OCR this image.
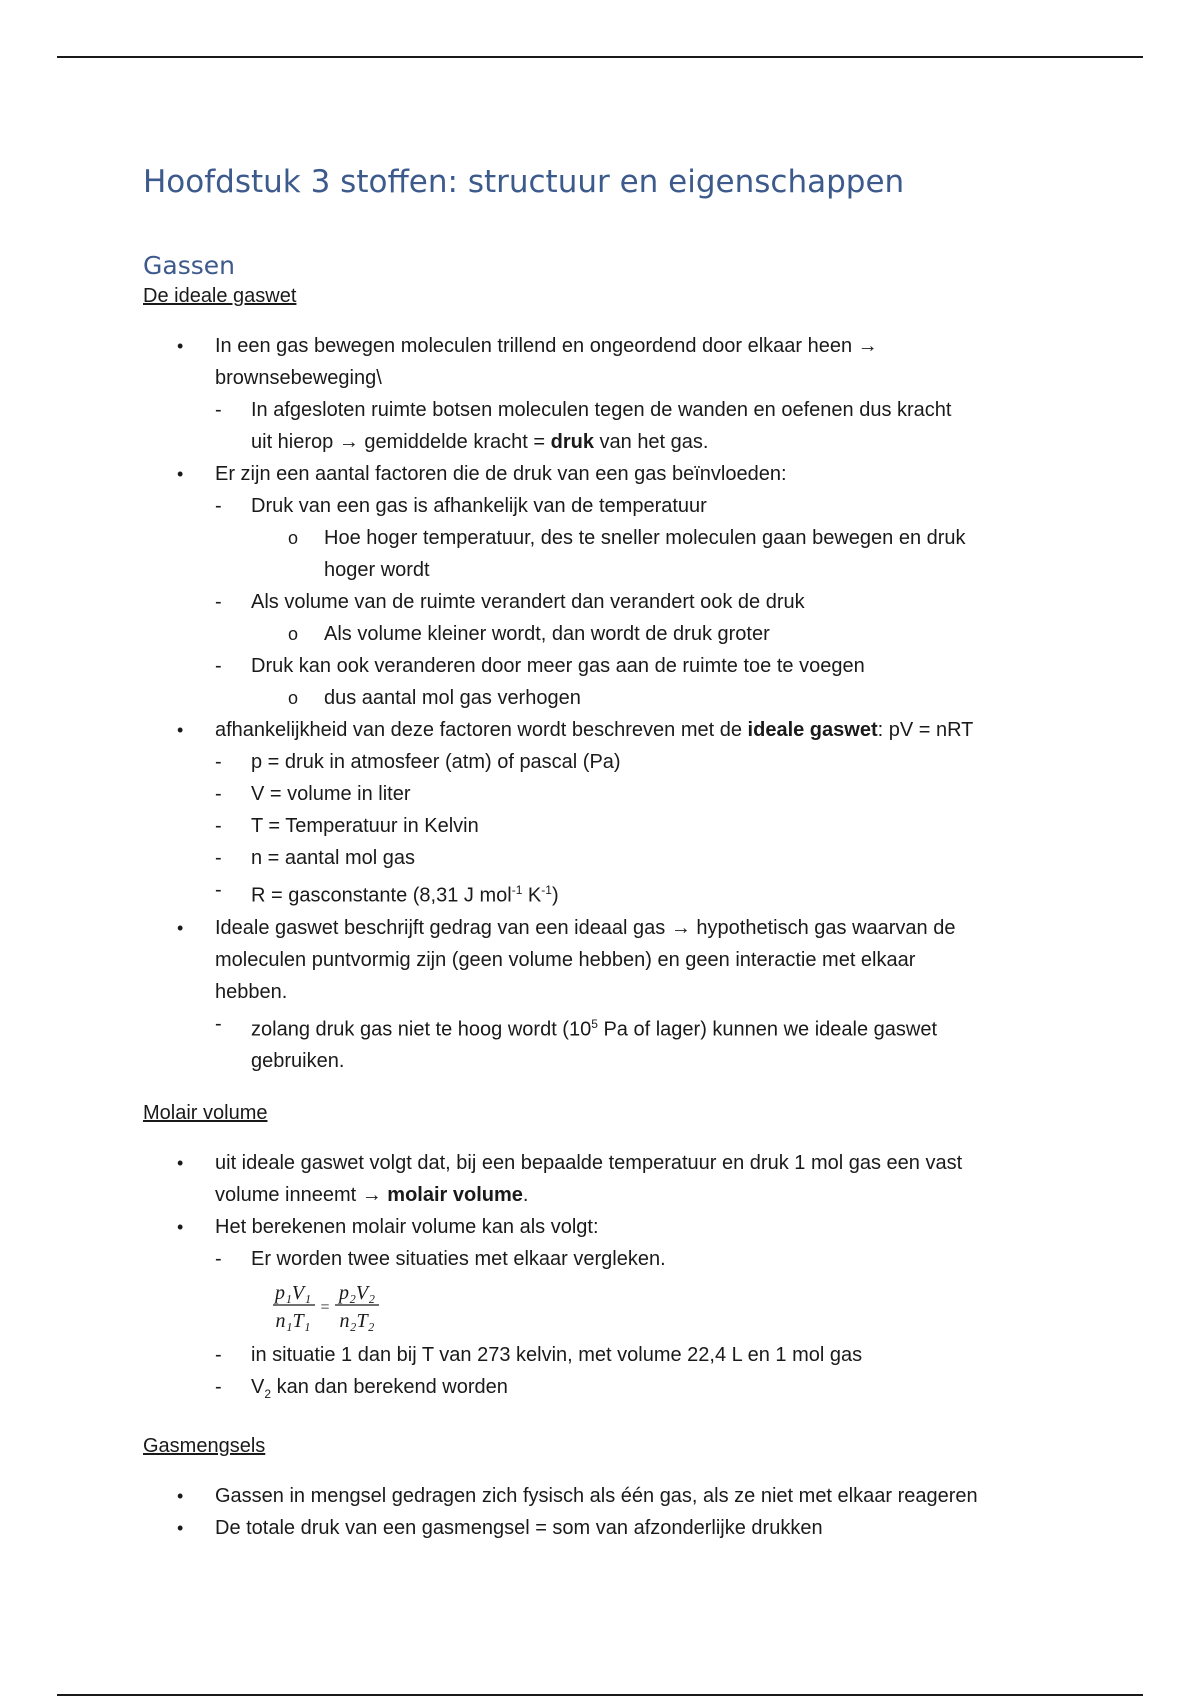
Hoofdstuk 3 stoffen: structuur en eigenschappen
Gassen
De ideale gaswet
• In een gas bewegen moleculen trillend en ongeordend door elkaar heen →
brownsebeweging\
- In afgesloten ruimte botsen moleculen tegen de wanden en oefenen dus kracht
uit hierop → gemiddelde kracht = druk van het gas.
• Er zijn een aantal factoren die de druk van een gas beïnvloeden:
- Druk van een gas is afhankelijk van de temperatuur
o Hoe hoger temperatuur, des te sneller moleculen gaan bewegen en druk
hoger wordt
- Als volume van de ruimte verandert dan verandert ook de druk
o Als volume kleiner wordt, dan wordt de druk groter
- Druk kan ook veranderen door meer gas aan de ruimte toe te voegen
o dus aantal mol gas verhogen
• afhankelijkheid van deze factoren wordt beschreven met de ideale gaswet: pV = nRT
- p = druk in atmosfeer (atm) of pascal (Pa)
- V = volume in liter
- T = Temperatuur in Kelvin
- n = aantal mol gas
- R = gasconstante (8,31 J mol$^{-1}$ $K^{-1}$)
• Ideale gaswet beschrijft gedrag van een ideaal gas → hypothetisch gas waarvan de
moleculen puntvormig zijn (geen volume hebben) en geen interactie met elkaar
hebben.
- zolang druk gas niet te hoog wordt ($10^5$ Pa of lager) kunnen we ideale gaswet
gebruiken.
Molair volume
• uit ideale gaswet volgt dat, bij een bepaalde temperatuur en druk 1 mol gas een vast
volume inneemt → molair volume.
• Het berekenen molair volume kan als volgt:
- Er worden twee situaties met elkaar vergleken.
p₁V₁
n₁T₁
=
p₂V₂
n₂T₂
- in situatie 1 dan bij T van 273 kelvin, met volume 22,4 L en 1 mol gas
- $V_2$ kan dan berekend worden
Gasmengsels
• Gassen in mengsel gedragen zich fysisch als één gas, als ze niet met elkaar reageren
• De totale druk van een gasmengsel = som van afzonderlijke drukken
